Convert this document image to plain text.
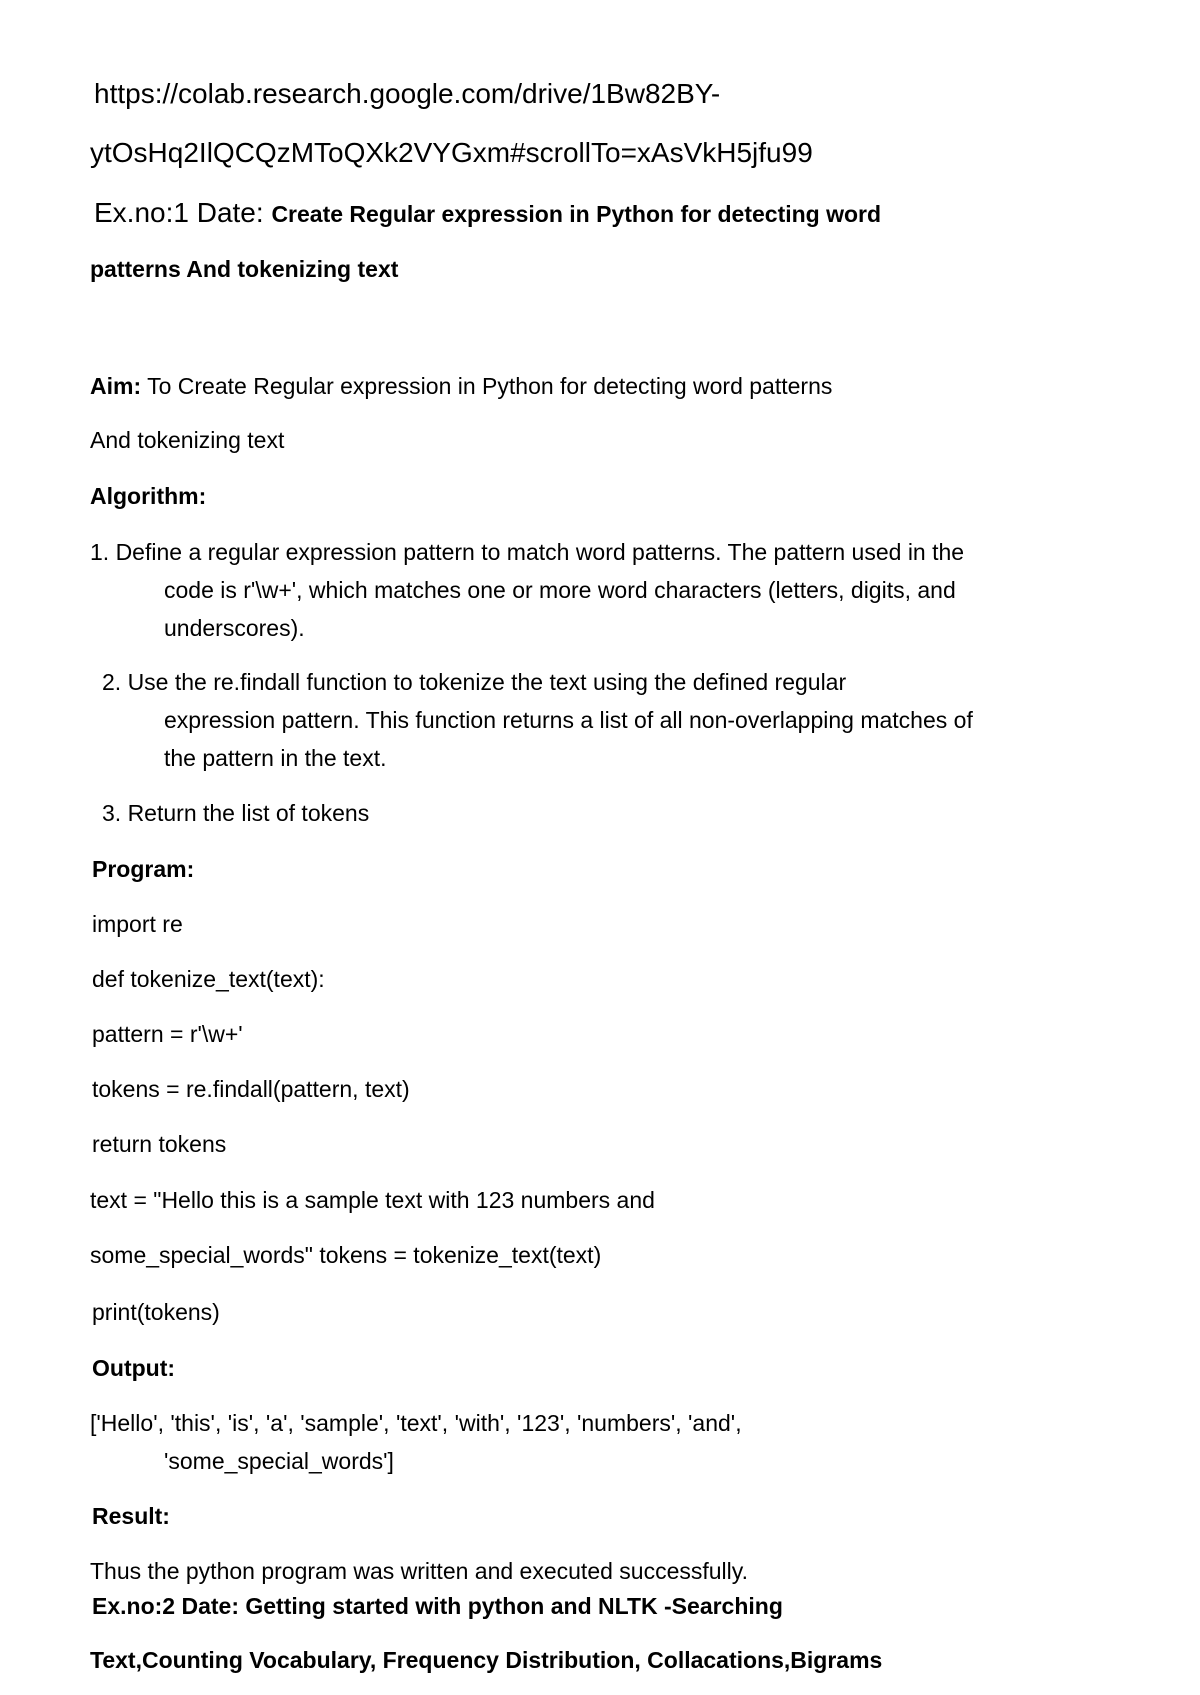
https://colab.research.google.com/drive/1Bw82BY-
ytOsHq2IlQCQzMToQXk2VYGxm#scrollTo=xAsVkH5jfu99
Ex.no:1 Date: Create Regular expression in Python for detecting word
patterns And tokenizing text
Aim: To Create Regular expression in Python for detecting word patterns
And tokenizing text
Algorithm:
1. Define a regular expression pattern to match word patterns. The pattern used in the
code is r'\w+', which matches one or more word characters (letters, digits, and
underscores).
2. Use the re.findall function to tokenize the text using the defined regular
expression pattern. This function returns a list of all non-overlapping matches of
the pattern in the text.
3. Return the list of tokens
Program:
import re
def tokenize_text(text):
pattern = r'\w+'
tokens = re.findall(pattern, text)
return tokens
text = "Hello this is a sample text with 123 numbers and
some_special_words" tokens = tokenize_text(text)
print(tokens)
Output:
['Hello', 'this', 'is', 'a', 'sample', 'text', 'with', '123', 'numbers', 'and',
'some_special_words']
Result:
Thus the python program was written and executed successfully.
Ex.no:2 Date: Getting started with python and NLTK -Searching
Text,Counting Vocabulary, Frequency Distribution, Collacations,Bigrams
